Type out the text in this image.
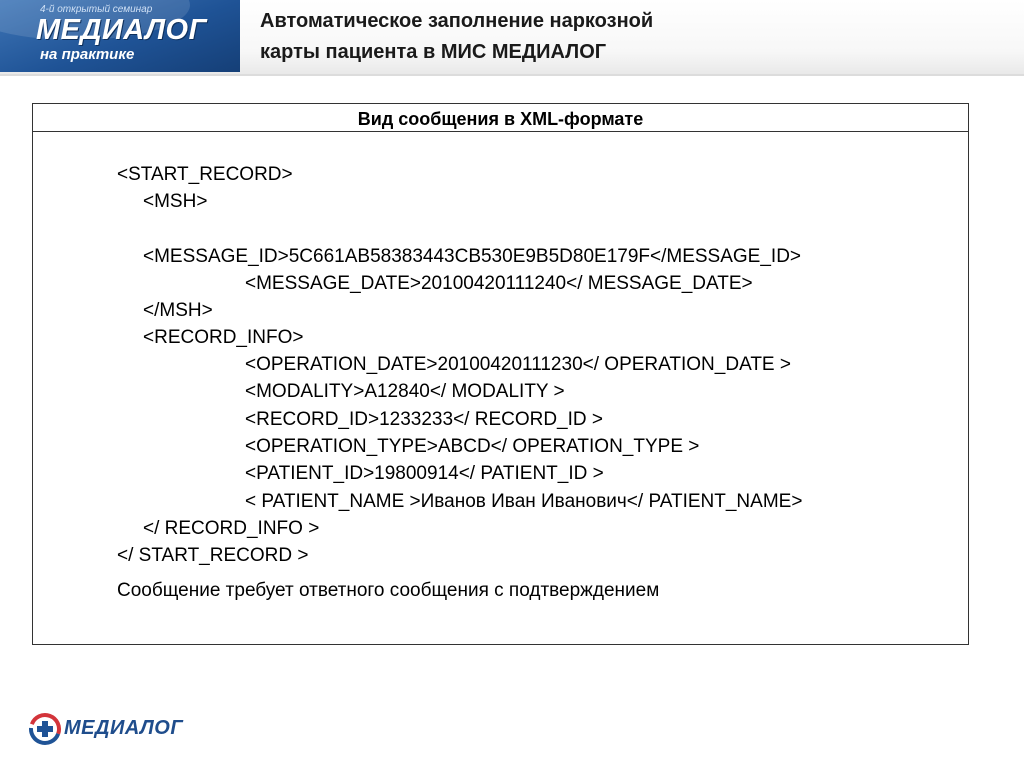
4-й открытый семинар
МЕДИАЛОГ
на практике
Автоматическое заполнение наркозной
карты пациента в МИС МЕДИАЛОГ
Вид сообщения в XML-формате
<START_RECORD>
<MSH>
<MESSAGE_ID>5C661AB58383443CB530E9B5D80E179F</MESSAGE_ID>
<MESSAGE_DATE>20100420111240</ MESSAGE_DATE>
</MSH>
<RECORD_INFO>
<OPERATION_DATE>20100420111230</ OPERATION_DATE >
<MODALITY>A12840</ MODALITY >
<RECORD_ID>1233233</ RECORD_ID >
<OPERATION_TYPE>ABCD</ OPERATION_TYPE >
<PATIENT_ID>19800914</ PATIENT_ID >
< PATIENT_NAME >Иванов Иван Иванович</ PATIENT_NAME>
</ RECORD_INFO >
</ START_RECORD >
Сообщение требует ответного сообщения с подтверждением
МЕДИАЛОГ
